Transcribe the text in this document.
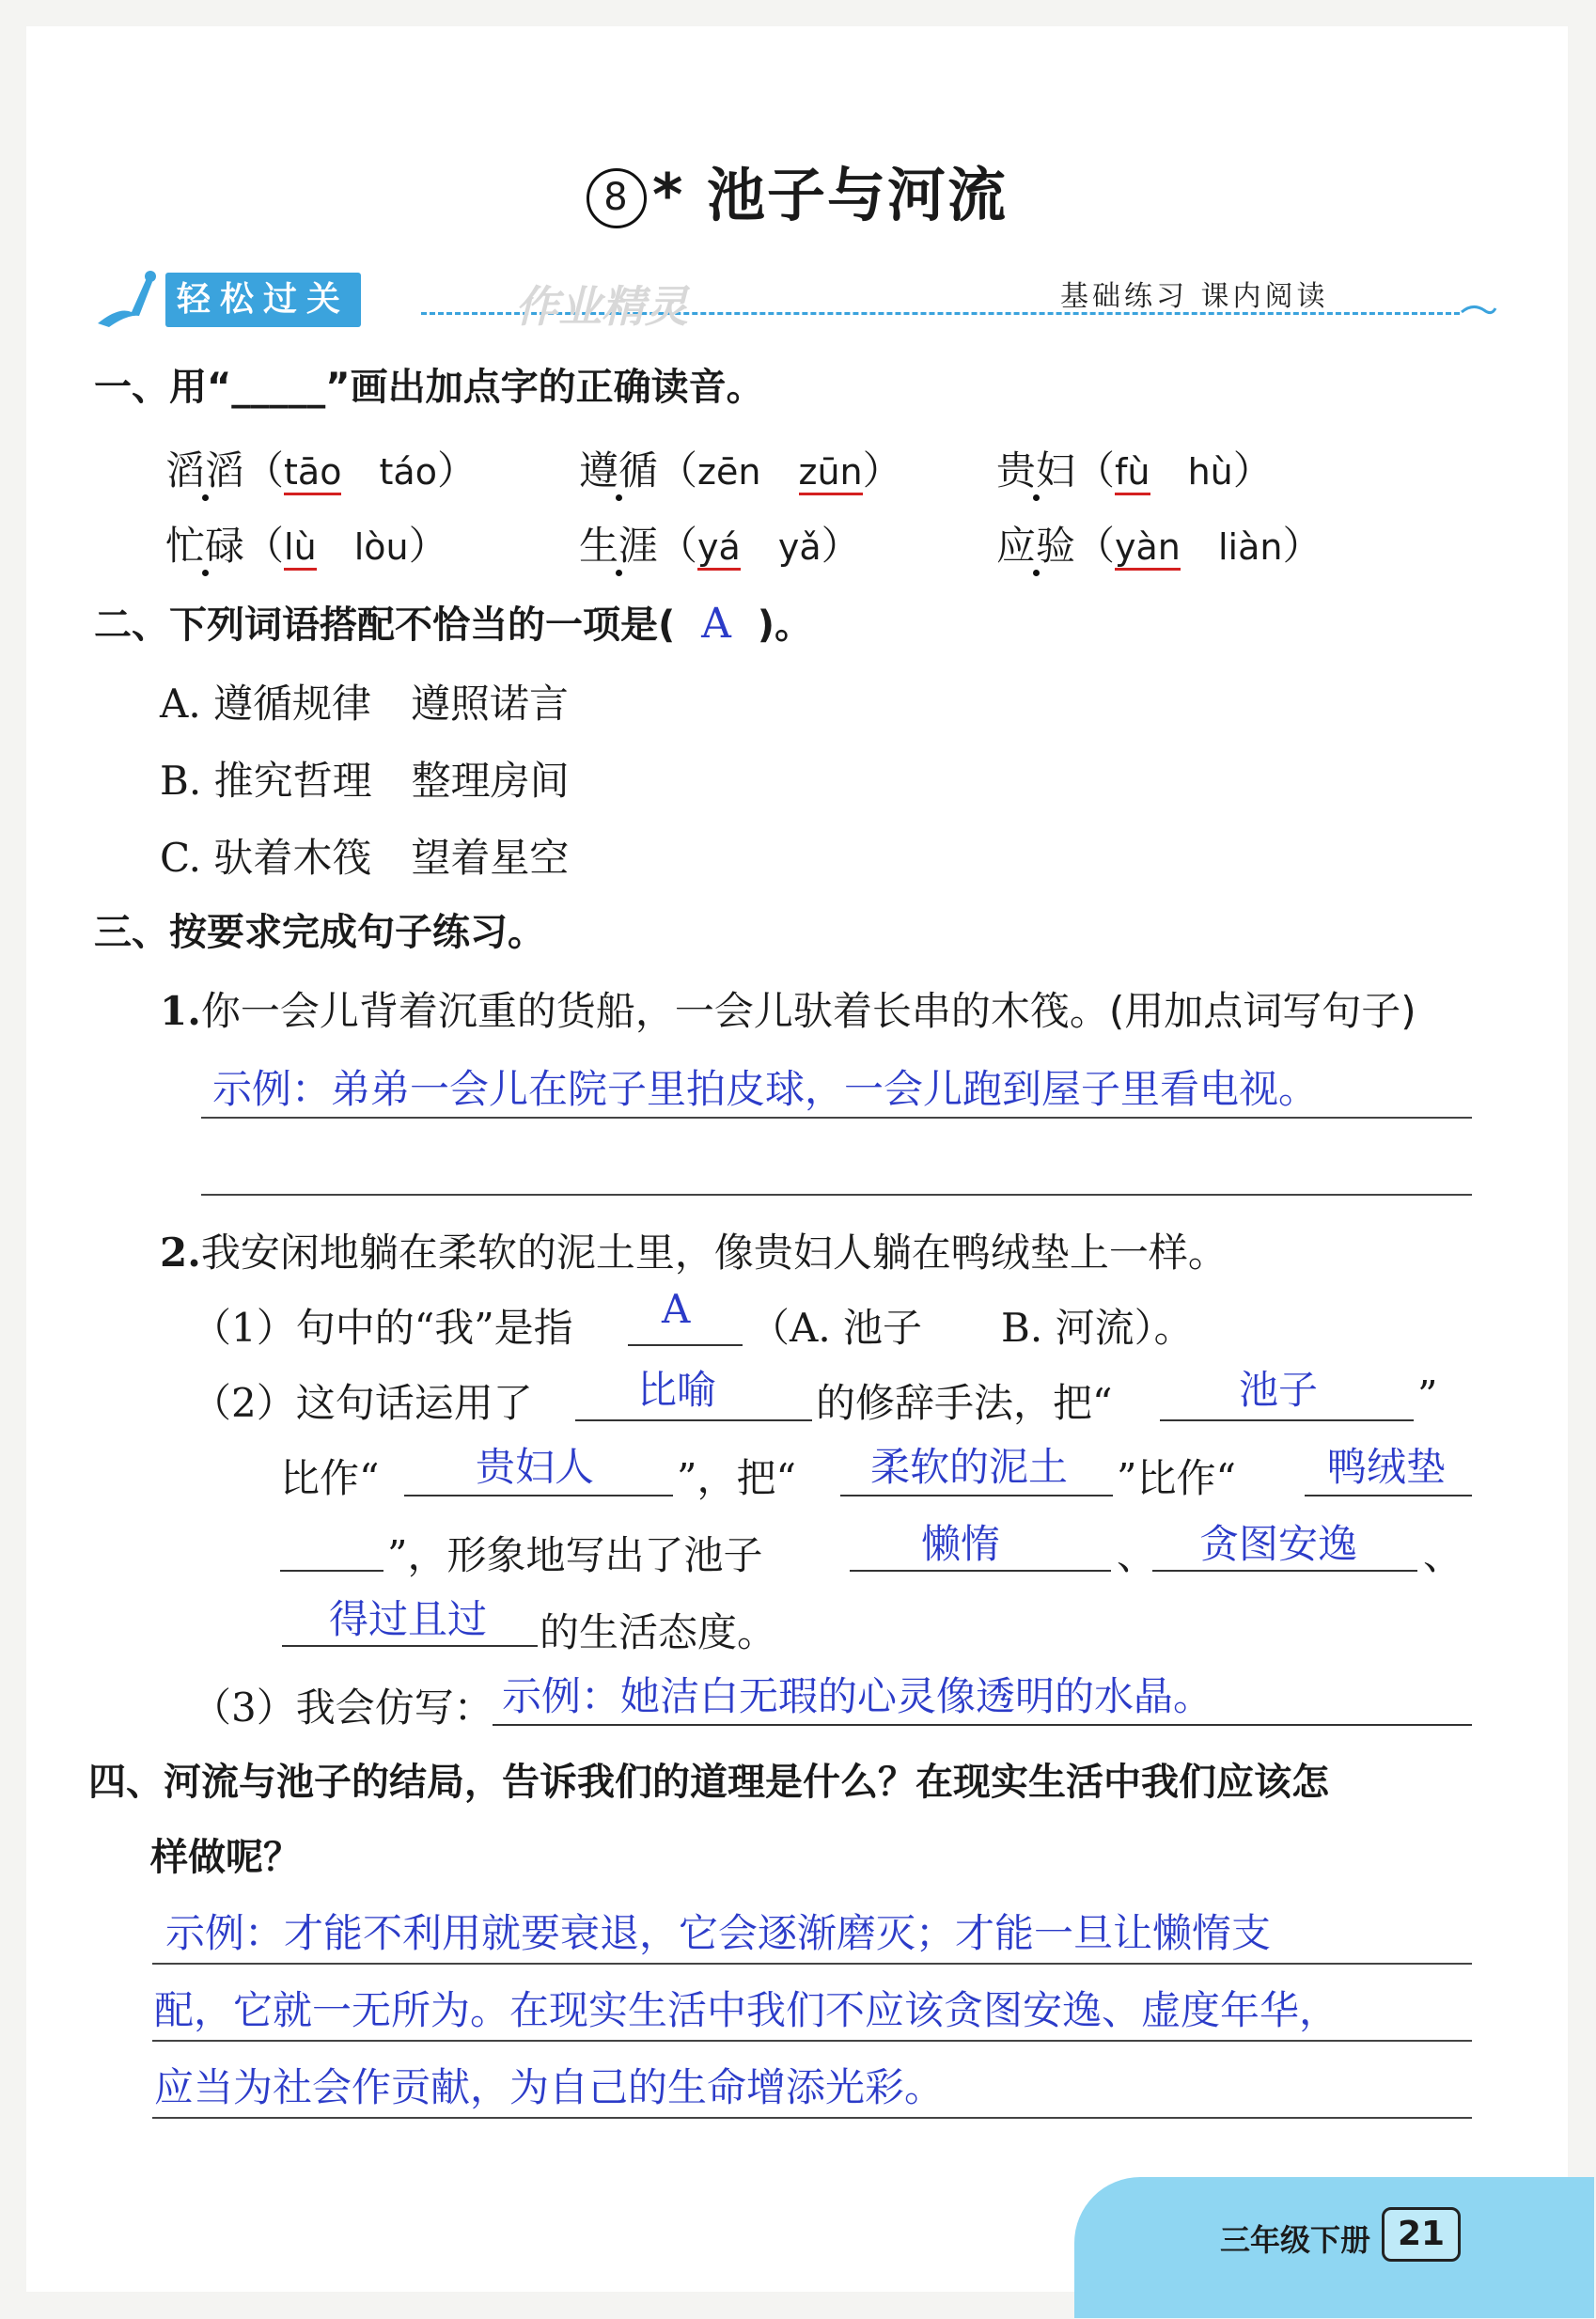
8 * 池子与河流
轻松过关	作业精灵	基础练习 课内阅读
一、用“_____”画出加点字的正确读音。
滔滔（tāo táo）	遵循（zēn zūn） 贵妇（fù hù）
忙碌（lù lòu）	生涯（yá yǎ）	应验（yàn liàn）
二、下列词语搭配不恰当的一项是( A )。
A. 遵循规律　遵照诺言
B. 推究哲理　整理房间
C. 驮着木筏　望着星空
三、按要求完成句子练习。
1.你一会儿背着沉重的货船，一会儿驮着长串的木筏。(用加点词写句子)
示例：弟弟一会儿在院子里拍皮球，一会儿跑到屋子里看电视。
2.我安闲地躺在柔软的泥土里，像贵妇人躺在鸭绒垫上一样。
（1）句中的“我”是指 A （A. 池子　　B. 河流）。
（2）这句话运用了	比喻	的修辞手法，把“	池子	”
比作“ 贵妇人 ”，把“ 柔软的泥土 ”比作“ 鸭绒垫
”，形象地写出了池子	懒惰	、 贪图安逸 、
得过且过 的生活态度。
（3）我会仿写： 示例：她洁白无瑕的心灵像透明的水晶。
四、河流与池子的结局，告诉我们的道理是什么？在现实生活中我们应该怎
样做呢？
示例：才能不利用就要衰退，它会逐渐磨灭；才能一旦让懒惰支
配，它就一无所为。在现实生活中我们不应该贪图安逸、虚度年华，
应当为社会作贡献，为自己的生命增添光彩。
三年级下册 21
